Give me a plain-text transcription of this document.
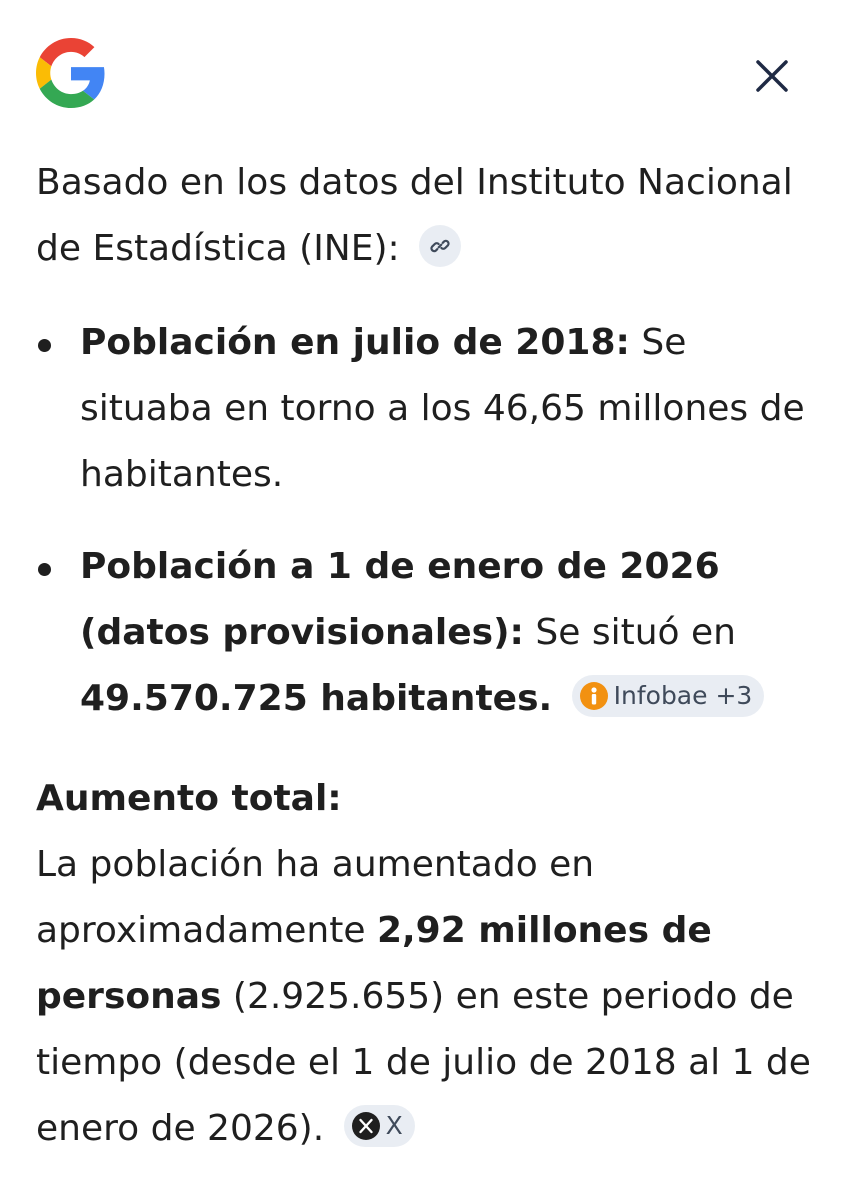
Basado en los datos del Instituto Nacional de Estadística (INE):

Población en julio de 2018: Se situaba en torno a los 46,65 millones de habitantes.
Población a 1 de enero de 2026 (datos provisionales): Se situó en 49.570.725 habitantes. Infobae +3

Aumento total:

La población ha aumentado en aproximadamente 2,92 millones de personas (2.925.655) en este periodo de tiempo (desde el 1 de julio de 2018 al 1 de enero de 2026). X
